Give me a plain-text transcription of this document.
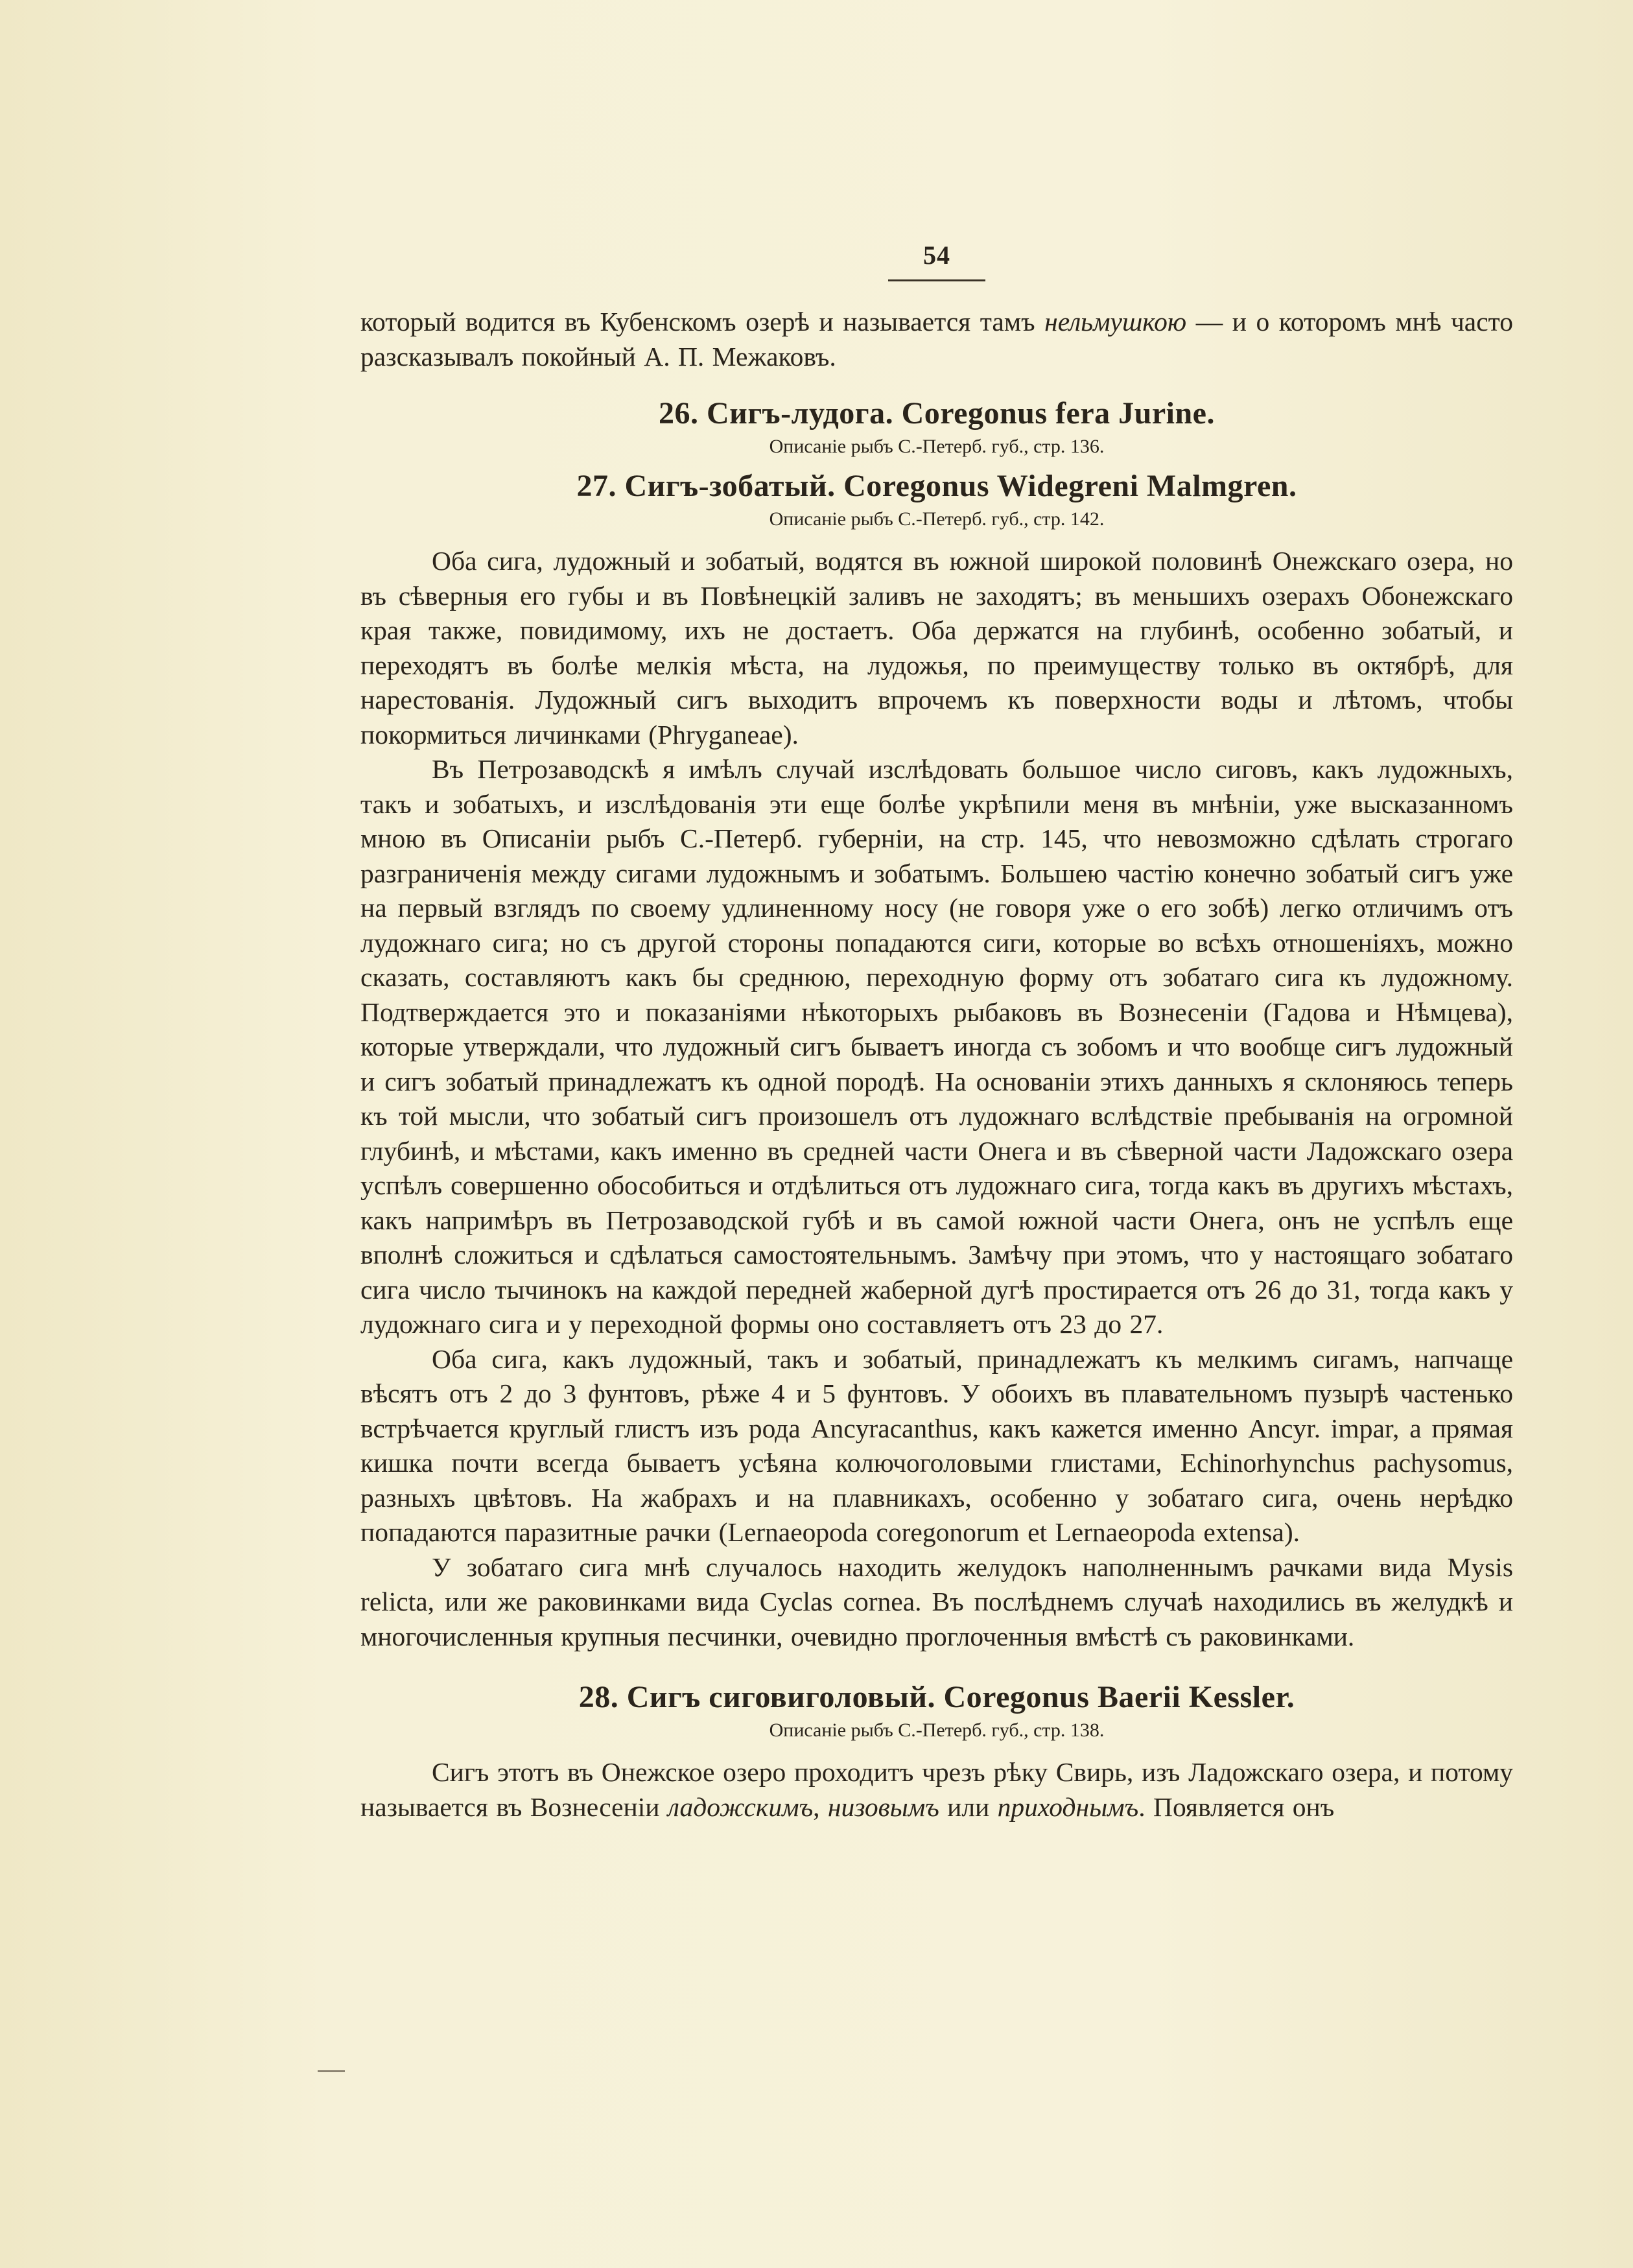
54

который водится въ Кубенскомъ озерѣ и называется тамъ нельмушкою — и о которомъ мнѣ часто разсказывалъ покойный А. П. Межаковъ.

26. Сигъ-лудога. Coregonus fera Jurine.
Описаніе рыбъ С.-Петерб. губ., стр. 136.
27. Сигъ-зобатый. Coregonus Widegreni Malmgren.
Описаніе рыбъ С.-Петерб. губ., стр. 142.

Оба сига, лудожный и зобатый, водятся въ южной широкой половинѣ Онежскаго озера, но въ сѣверныя его губы и въ Повѣнецкій заливъ не заходятъ; въ меньшихъ озерахъ Обонежскаго края также, повидимому, ихъ не достаетъ. Оба держатся на глубинѣ, особенно зобатый, и переходятъ въ болѣе мелкія мѣста, на лудожья, по преимуществу только въ октябрѣ, для нарестованія. Лудожный сигъ выходитъ впрочемъ къ поверхности воды и лѣтомъ, чтобы покормиться личинками (Phryganeae).

Въ Петрозаводскѣ я имѣлъ случай изслѣдовать большое число сиговъ, какъ лудожныхъ, такъ и зобатыхъ, и изслѣдованія эти еще болѣе укрѣпили меня въ мнѣніи, уже высказанномъ мною въ Описаніи рыбъ С.-Петерб. губерніи, на стр. 145, что невозможно сдѣлать строгаго разграниченія между сигами лудожнымъ и зобатымъ. Большею частію конечно зобатый сигъ уже на первый взглядъ по своему удлиненному носу (не говоря уже о его зобѣ) легко отличимъ отъ лудожнаго сига; но съ другой стороны попадаются сиги, которые во всѣхъ отношеніяхъ, можно сказать, составляютъ какъ бы среднюю, переходную форму отъ зобатаго сига къ лудожному. Подтверждается это и показаніями нѣкоторыхъ рыбаковъ въ Вознесеніи (Гадова и Нѣмцева), которые утверждали, что лудожный сигъ бываетъ иногда съ зобомъ и что вообще сигъ лудожный и сигъ зобатый принадлежатъ къ одной породѣ. На основаніи этихъ данныхъ я склоняюсь теперь къ той мысли, что зобатый сигъ произошелъ отъ лудожнаго вслѣдствіе пребыванія на огромной глубинѣ, и мѣстами, какъ именно въ средней части Онега и въ сѣверной части Ладожскаго озера успѣлъ совершенно обособиться и отдѣлиться отъ лудожнаго сига, тогда какъ въ другихъ мѣстахъ, какъ напримѣръ въ Петрозаводской губѣ и въ самой южной части Онега, онъ не успѣлъ еще вполнѣ сложиться и сдѣлаться самостоятельнымъ. Замѣчу при этомъ, что у настоящаго зобатаго сига число тычинокъ на каждой передней жаберной дугѣ простирается отъ 26 до 31, тогда какъ у лудожнаго сига и у переходной формы оно составляетъ отъ 23 до 27.

Оба сига, какъ лудожный, такъ и зобатый, принадлежатъ къ мелкимъ сигамъ, напчаще вѣсятъ отъ 2 до 3 фунтовъ, рѣже 4 и 5 фунтовъ. У обоихъ въ плавательномъ пузырѣ частенько встрѣчается круглый глистъ изъ рода Ancyracanthus, какъ кажется именно Ancyr. impar, а прямая кишка почти всегда бываетъ усѣяна колючоголовыми глистами, Echinorhynchus pachysomus, разныхъ цвѣтовъ. На жабрахъ и на плавникахъ, особенно у зобатаго сига, очень нерѣдко попадаются паразитные рачки (Lernaeopoda coregonorum et Lernaeopoda extensa).

У зобатаго сига мнѣ случалось находить желудокъ наполненнымъ рачками вида Mysis relicta, или же раковинками вида Cyclas cornea. Въ послѣднемъ случаѣ находились въ желудкѣ и многочисленныя крупныя песчинки, очевидно проглоченныя вмѣстѣ съ раковинками.

28. Сигъ сиговиголовый. Coregonus Baerii Kessler.
Описаніе рыбъ С.-Петерб. губ., стр. 138.

Сигъ этотъ въ Онежское озеро проходитъ чрезъ рѣку Свирь, изъ Ладожскаго озера, и потому называется въ Вознесеніи ладожскимъ, низовымъ или приходнымъ. Появляется онъ
